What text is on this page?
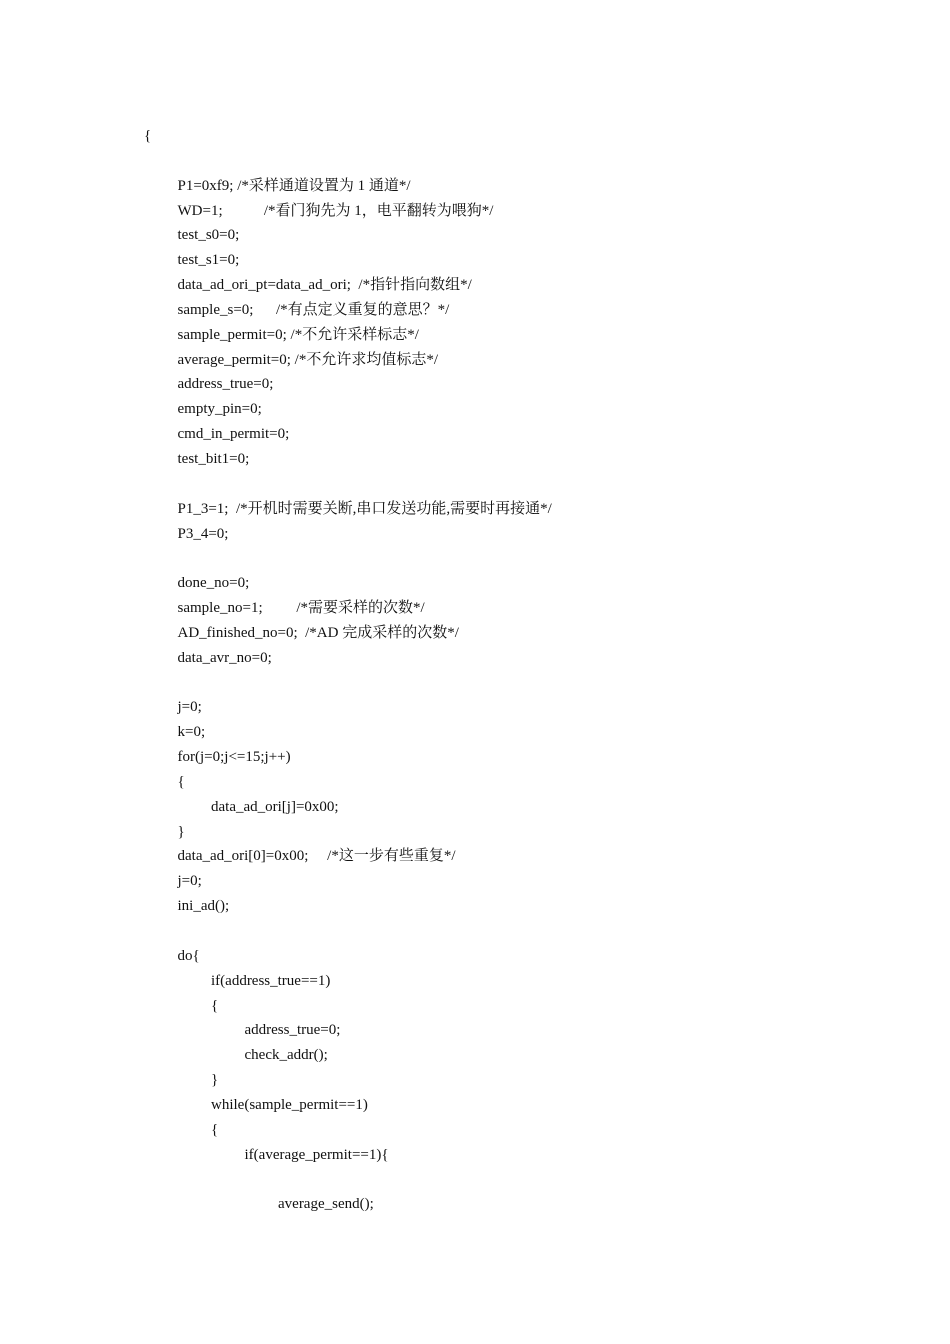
{
P1=0xf9; /*采样通道设置为 1 通道*/
WD=1;           /*看门狗先为 1，电平翻转为喂狗*/
test_s0=0;
test_s1=0;
data_ad_ori_pt=data_ad_ori;  /*指针指向数组*/
sample_s=0;      /*有点定义重复的意思？*/
sample_permit=0; /*不允许采样标志*/
average_permit=0; /*不允许求均值标志*/
address_true=0;
empty_pin=0;
cmd_in_permit=0;
test_bit1=0;
P1_3=1;  /*开机时需要关断,串口发送功能,需要时再接通*/
P3_4=0;
done_no=0;
sample_no=1;         /*需要采样的次数*/
AD_finished_no=0;  /*AD 完成采样的次数*/
data_avr_no=0;
j=0;
k=0;
for(j=0;j<=15;j++)
{
data_ad_ori[j]=0x00;
}
data_ad_ori[0]=0x00;     /*这一步有些重复*/
j=0;
ini_ad();
do{
if(address_true==1)
{
address_true=0;
check_addr();
}
while(sample_permit==1)
{
if(average_permit==1){
average_send();
